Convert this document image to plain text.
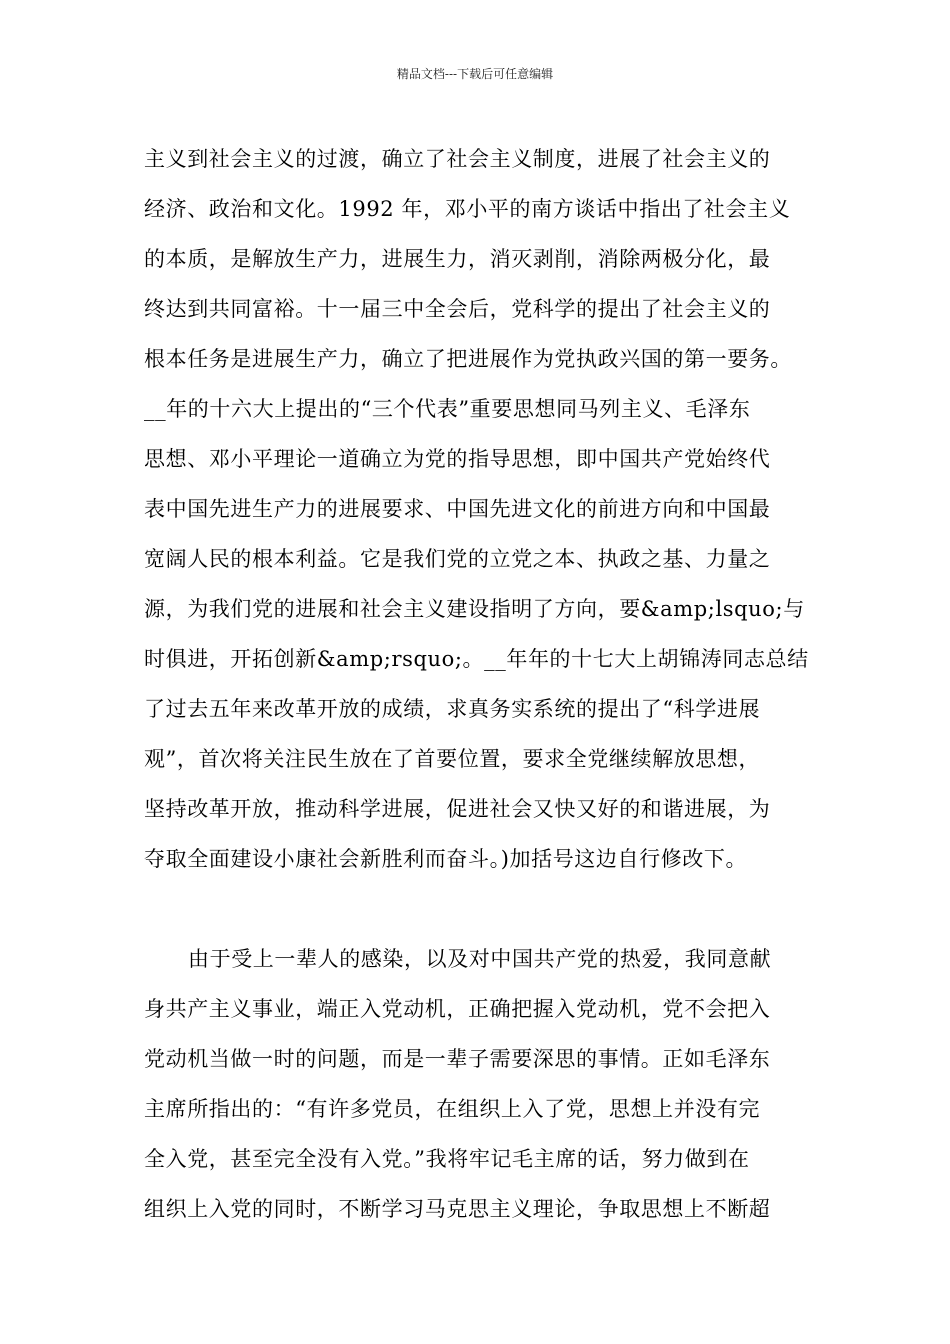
精品文档---下载后可任意编辑
主义到社会主义的过渡，确立了社会主义制度，进展了社会主义的
经济、政治和文化。1992 年，邓小平的南方谈话中指出了社会主义
的本质，是解放生产力，进展生力，消灭剥削，消除两极分化，最
终达到共同富裕。十一届三中全会后，党科学的提出了社会主义的
根本任务是进展生产力，确立了把进展作为党执政兴国的第一要务。
__年的十六大上提出的“三个代表”重要思想同马列主义、毛泽东
思想、邓小平理论一道确立为党的指导思想，即中国共产党始终代
表中国先进生产力的进展要求、中国先进文化的前进方向和中国最
宽阔人民的根本利益。它是我们党的立党之本、执政之基、力量之
源，为我们党的进展和社会主义建设指明了方向，要&amp;lsquo;与
时俱进，开拓创新&amp;rsquo;。__年年的十七大上胡锦涛同志总结
了过去五年来改革开放的成绩，求真务实系统的提出了“科学进展
观”，首次将关注民生放在了首要位置，要求全党继续解放思想，
坚持改革开放，推动科学进展，促进社会又快又好的和谐进展，为
夺取全面建设小康社会新胜利而奋斗。)加括号这边自行修改下。
由于受上一辈人的感染，以及对中国共产党的热爱，我同意献
身共产主义事业，端正入党动机，正确把握入党动机，党不会把入
党动机当做一时的问题，而是一辈子需要深思的事情。正如毛泽东
主席所指出的：“有许多党员，在组织上入了党，思想上并没有完
全入党，甚至完全没有入党。”我将牢记毛主席的话，努力做到在
组织上入党的同时，不断学习马克思主义理论，争取思想上不断超
